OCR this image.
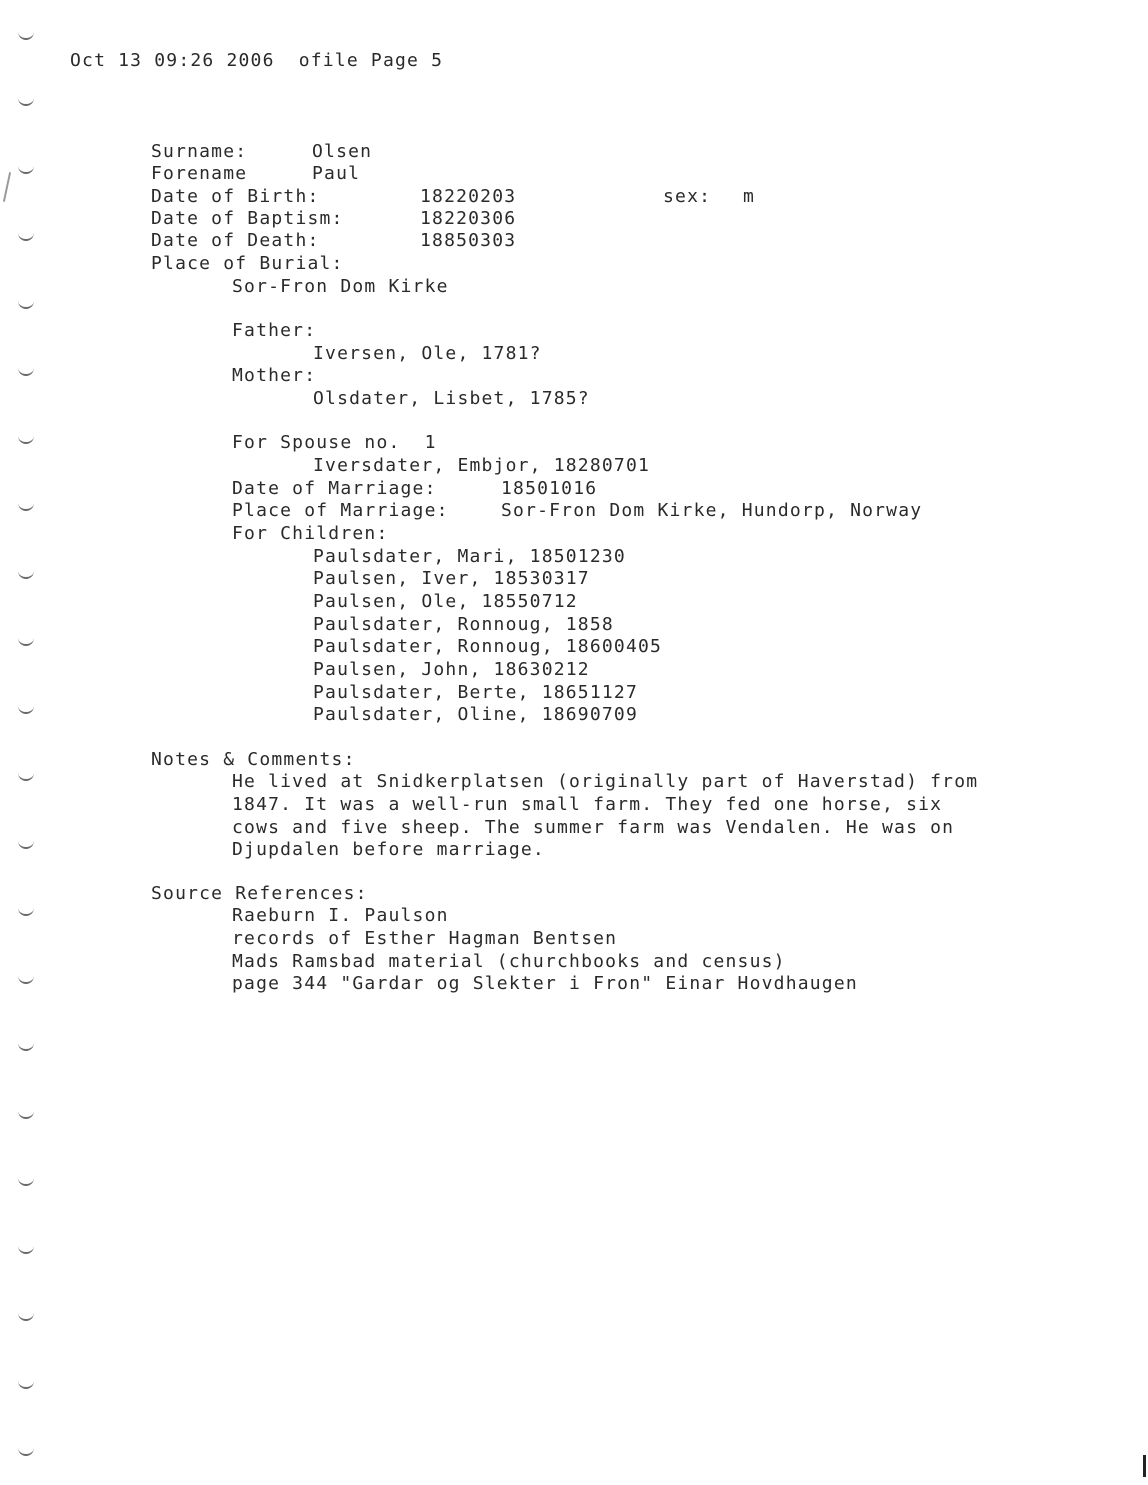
Oct 13 09:26 2006  ofile Page 5
Surname:	Olsen
Forename	Paul
Date of Birth:	18220203	sex: m
Date of Baptism:	18220306
Date of Death:	18850303
Place of Burial:
Sor-Fron Dom Kirke
Father:
Iversen, Ole, 1781?
Mother:
Olsdater, Lisbet, 1785?
For Spouse no.  1
Iversdater, Embjor, 18280701
Date of Marriage:	18501016
Place of Marriage:	Sor-Fron Dom Kirke, Hundorp, Norway
For Children:
Paulsdater, Mari, 18501230
Paulsen, Iver, 18530317
Paulsen, Ole, 18550712
Paulsdater, Ronnoug, 1858
Paulsdater, Ronnoug, 18600405
Paulsen, John, 18630212
Paulsdater, Berte, 18651127
Paulsdater, Oline, 18690709
Notes & Comments:
He lived at Snidkerplatsen (originally part of Haverstad) from
1847. It was a well-run small farm. They fed one horse, six
cows and five sheep. The summer farm was Vendalen. He was on
Djupdalen before marriage.
Source References:
Raeburn I. Paulson
records of Esther Hagman Bentsen
Mads Ramsbad material (churchbooks and census)
page 344 "Gardar og Slekter i Fron" Einar Hovdhaugen
